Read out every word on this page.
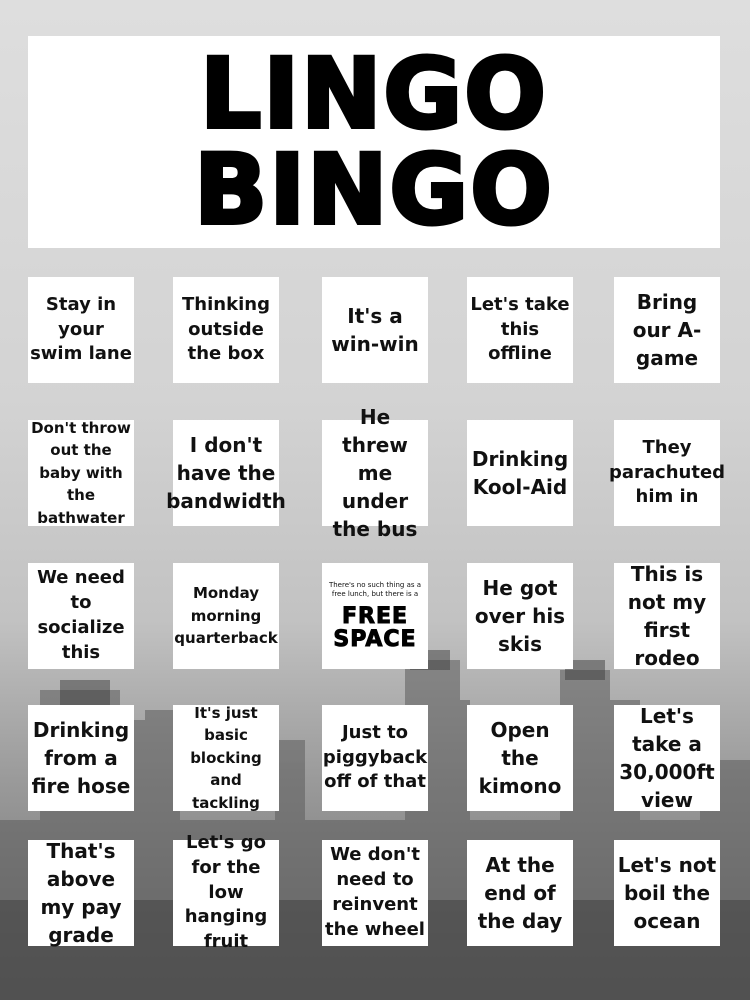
LINGO
BINGO
Stay in your swim lane
Thinking outside the box
It's a win-win
Let's take this offline
Bring our A-game
Don't throw out the baby with the bathwater
I don't have the bandwidth
He threw me under the bus
Drinking Kool-Aid
They parachuted him in
We need to socialize this
Monday morning quarterback
There's no such thing as a free lunch, but there is a
FREE
SPACE
He got over his skis
This is not my first rodeo
Drinking from a fire hose
It's just basic blocking and tackling
Just to piggyback off of that
Open the kimono
Let's take a 30,000ft view
That's above my pay grade
Let's go for the low hanging fruit
We don't need to reinvent the wheel
At the end of the day
Let's not boil the ocean
